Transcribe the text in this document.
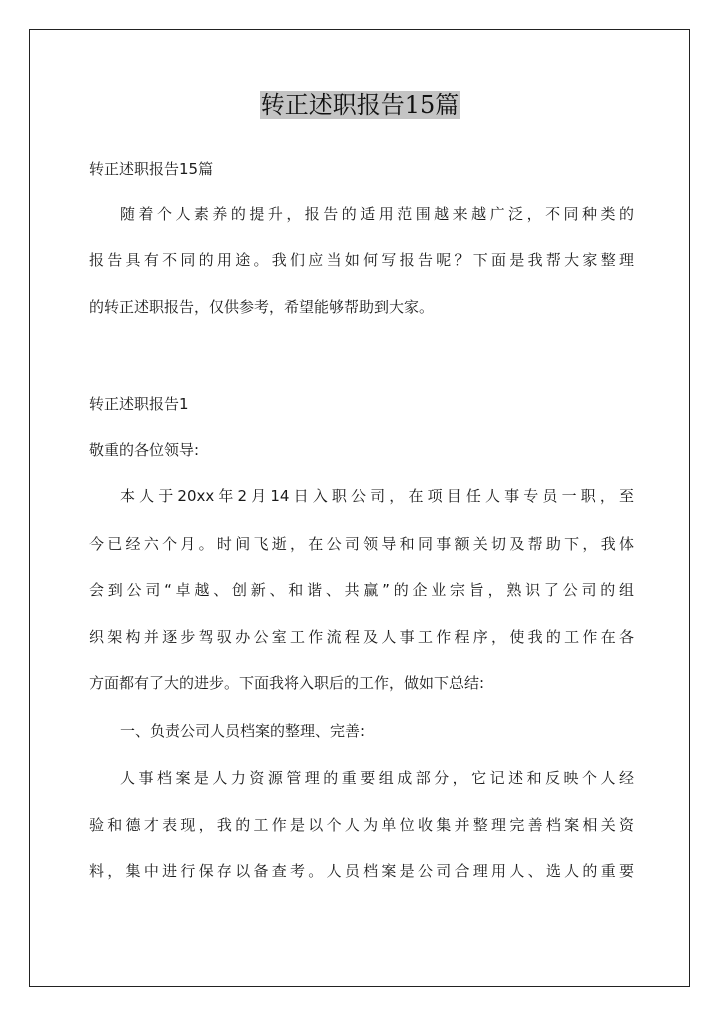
转正述职报告15篇
转正述职报告15篇
随着个人素养的提升，报告的适用范围越来越广泛，不同种类的
报告具有不同的用途。我们应当如何写报告呢？下面是我帮大家整理
的转正述职报告，仅供参考，希望能够帮助到大家。
转正述职报告1
敬重的各位领导:
本人于20xx年2月14日入职公司，在项目任人事专员一职，至
今已经六个月。时间飞逝，在公司领导和同事额关切及帮助下，我体
会到公司“卓越、创新、和谐、共赢”的企业宗旨，熟识了公司的组
织架构并逐步驾驭办公室工作流程及人事工作程序，使我的工作在各
方面都有了大的进步。下面我将入职后的工作，做如下总结:
一、负责公司人员档案的整理、完善:
人事档案是人力资源管理的重要组成部分，它记述和反映个人经
验和德才表现，我的工作是以个人为单位收集并整理完善档案相关资
料，集中进行保存以备查考。人员档案是公司合理用人、选人的重要
